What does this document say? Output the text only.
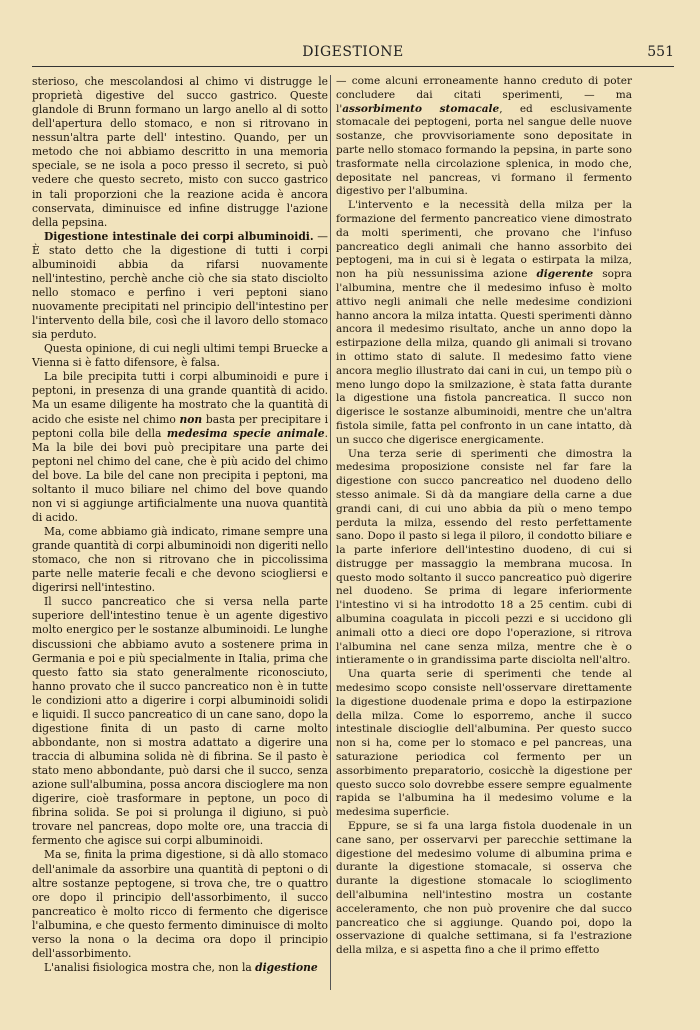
DIGESTIONE	551

sterioso, che mescolandosi al chimo vi distrugge le proprietà digestive del succo gastrico. Queste glandole di Brunn formano un largo anello al di sotto dell'apertura dello stomaco, e non si ritrovano in nessun'altra parte dell' intestino. Quando, per un metodo che noi abbiamo descritto in una memoria speciale, se ne isola a poco presso il secreto, si può vedere che questo secreto, misto con succo gastrico in tali proporzioni che la reazione acida è ancora conservata, diminuisce ed infine distrugge l'azione della pepsina.

Digestione intestinale dei corpi albuminoidi. — È stato detto che la digestione di tutti i corpi albuminoidi abbia da rifarsi nuovamente nell'intestino, perchè anche ciò che sia stato disciolto nello stomaco e perfino i veri peptoni siano nuovamente precipitati nel principio dell'intestino per l'intervento della bile, così che il lavoro dello stomaco sia perduto.

Questa opinione, di cui negli ultimi tempi Bruecke a Vienna si è fatto difensore, è falsa.

La bile precipita tutti i corpi albuminoidi e pure i peptoni, in presenza di una grande quantità di acido. Ma un esame diligente ha mostrato che la quantità di acido che esiste nel chimo non basta per precipitare i peptoni colla bile della medesima specie animale. Ma la bile dei bovi può precipitare una parte dei peptoni nel chimo del cane, che è più acido del chimo del bove. La bile del cane non precipita i peptoni, ma soltanto il muco biliare nel chimo del bove quando non vi si aggiunge artificialmente una nuova quantità di acido.

Ma, come abbiamo già indicato, rimane sempre una grande quantità di corpi albuminoidi non digeriti nello stomaco, che non si ritrovano che in piccolissima parte nelle materie fecali e che devono sciogliersi e digerirsi nell'intestino.

Il succo pancreatico che si versa nella parte superiore dell'intestino tenue è un agente digestivo molto energico per le sostanze albuminoidi. Le lunghe discussioni che abbiamo avuto a sostenere prima in Germania e poi e più specialmente in Italia, prima che questo fatto sia stato generalmente riconosciuto, hanno provato che il succo pancreatico non è in tutte le condizioni atto a digerire i corpi albuminoidi solidi e liquidi. Il succo pancreatico di un cane sano, dopo la digestione finita di un pasto di carne molto abbondante, non si mostra adattato a digerire una traccia di albumina solida nè di fibrina. Se il pasto è stato meno abbondante, può darsi che il succo, senza azione sull'albumina, possa ancora discioglere ma non digerire, cioè trasformare in peptone, un poco di fibrina solida. Se poi si prolunga il digiuno, si può trovare nel pancreas, dopo molte ore, una traccia di fermento che agisce sui corpi albuminoidi.

Ma se, finita la prima digestione, si dà allo stomaco dell'animale da assorbire una quantità di peptoni o di altre sostanze peptogene, si trova che, tre o quattro ore dopo il principio dell'assorbimento, il succo pancreatico è molto ricco di fermento che digerisce l'albumina, e che questo fermento diminuisce di molto verso la nona o la decima ora dopo il principio dell'assorbimento.

L'analisi fisiologica mostra che, non la digestione

— come alcuni erroneamente hanno creduto di poter concludere dai citati sperimenti, — ma l'assorbimento stomacale, ed esclusivamente stomacale dei peptogeni, porta nel sangue delle nuove sostanze, che provvisoriamente sono depositate in parte nello stomaco formando la pepsina, in parte sono trasformate nella circolazione splenica, in modo che, depositate nel pancreas, vi formano il fermento digestivo per l'albumina.

L'intervento e la necessità della milza per la formazione del fermento pancreatico viene dimostrato da molti sperimenti, che provano che l'infuso pancreatico degli animali che hanno assorbito dei peptogeni, ma in cui si è legata o estirpata la milza, non ha più nessunissima azione digerente sopra l'albumina, mentre che il medesimo infuso è molto attivo negli animali che nelle medesime condizioni hanno ancora la milza intatta. Questi sperimenti dànno ancora il medesimo risultato, anche un anno dopo la estirpazione della milza, quando gli animali si trovano in ottimo stato di salute. Il medesimo fatto viene ancora meglio illustrato dai cani in cui, un tempo più o meno lungo dopo la smilzazione, è stata fatta durante la digestione una fistola pancreatica. Il succo non digerisce le sostanze albuminoidi, mentre che un'altra fistola simile, fatta pel confronto in un cane intatto, dà un succo che digerisce energicamente.

Una terza serie di sperimenti che dimostra la medesima proposizione consiste nel far fare la digestione con succo pancreatico nel duodeno dello stesso animale. Si dà da mangiare della carne a due grandi cani, di cui uno abbia da più o meno tempo perduta la milza, essendo del resto perfettamente sano. Dopo il pasto si lega il piloro, il condotto biliare e la parte inferiore dell'intestino duodeno, di cui si distrugge per massaggio la membrana mucosa. In questo modo soltanto il succo pancreatico può digerire nel duodeno. Se prima di legare inferiormente l'intestino vi si ha introdotto 18 a 25 centim. cubi di albumina coagulata in piccoli pezzi e si uccidono gli animali otto a dieci ore dopo l'operazione, si ritrova l'albumina nel cane senza milza, mentre che è o intieramente o in grandissima parte disciolta nell'altro.

Una quarta serie di sperimenti che tende al medesimo scopo consiste nell'osservare direttamente la digestione duodenale prima e dopo la estirpazione della milza. Come lo esporremo, anche il succo intestinale discioglie dell'albumina. Per questo succo non si ha, come per lo stomaco e pel pancreas, una saturazione periodica col fermento per un assorbimento preparatorio, cosicchè la digestione per questo succo solo dovrebbe essere sempre egualmente rapida se l'albumina ha il medesimo volume e la medesima superficie.

Eppure, se si fa una larga fistola duodenale in un cane sano, per osservarvi per parecchie settimane la digestione del medesimo volume di albumina prima e durante la digestione stomacale, si osserva che durante la digestione stomacale lo scioglimento dell'albumina nell'intestino mostra un costante acceleramento, che non può provenire che dal succo pancreatico che si aggiunge. Quando poi, dopo la osservazione di qualche settimana, si fa l'estrazione della milza, e si aspetta fino a che il primo effetto
